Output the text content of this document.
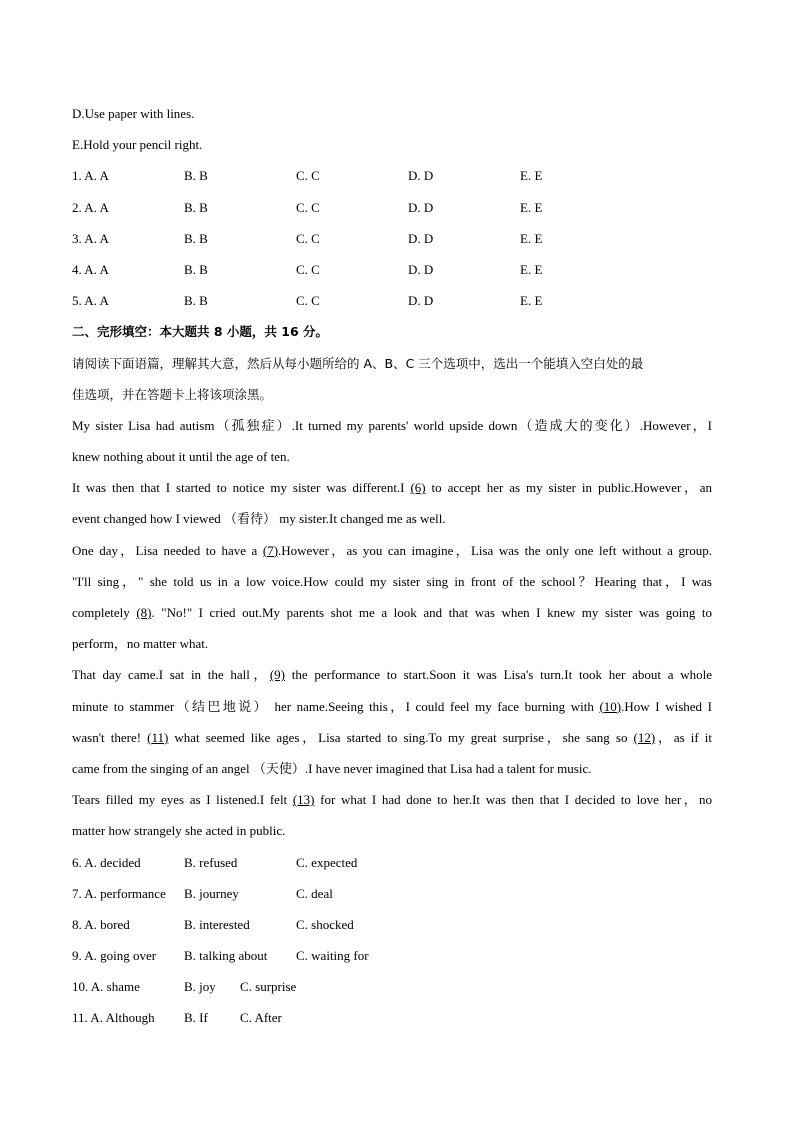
D.Use paper with lines.
E.Hold your pencil right.
1. A. A	B. B	C. C	D. D	E. E
2. A. A	B. B	C. C	D. D	E. E
3. A. A	B. B	C. C	D. D	E. E
4. A. A	B. B	C. C	D. D	E. E
5. A. A	B. B	C. C	D. D	E. E
二、完形填空：本大题共 8 小题，共 16 分。
请阅读下面语篇，理解其大意，然后从每小题所给的 A、B、C 三个选项中，选出一个能填入空白处的最
佳选项，并在答题卡上将该项涂黑。
My sister Lisa had autism（孤独症）.It turned my parents' world upside down（造成大的变化）.However，I
knew nothing about it until the age of ten.
It was then that I started to notice my sister was different.I (6) to accept her as my sister in public.However，an
event changed how I viewed （看待） my sister.It changed me as well.
One day，Lisa needed to have a (7).However，as you can imagine，Lisa was the only one left without a group.
"I'll sing，" she told us in a low voice.How could my sister sing in front of the school？Hearing that，I was
completely (8). "No!" I cried out.My parents shot me a look and that was when I knew my sister was going to
perform，no matter what.
That day came.I sat in the hall，(9) the performance to start.Soon it was Lisa's turn.It took her about a whole
minute to stammer（结巴地说） her name.Seeing this，I could feel my face burning with (10).How I wished I
wasn't there! (11) what seemed like ages，Lisa started to sing.To my great surprise，she sang so (12)，as if it
came from the singing of an angel （天使）.I have never imagined that Lisa had a talent for music.
Tears filled my eyes as I listened.I felt (13) for what I had done to her.It was then that I decided to love her，no
matter how strangely she acted in public.
6. A. decided	B. refused	C. expected
7. A. performance B. journey	C. deal
8. A. bored	B. interested	C. shocked
9. A. going over B. talking about C. waiting for
10. A. shame	B. joy C. surprise
11. A. Although B. If C. After
